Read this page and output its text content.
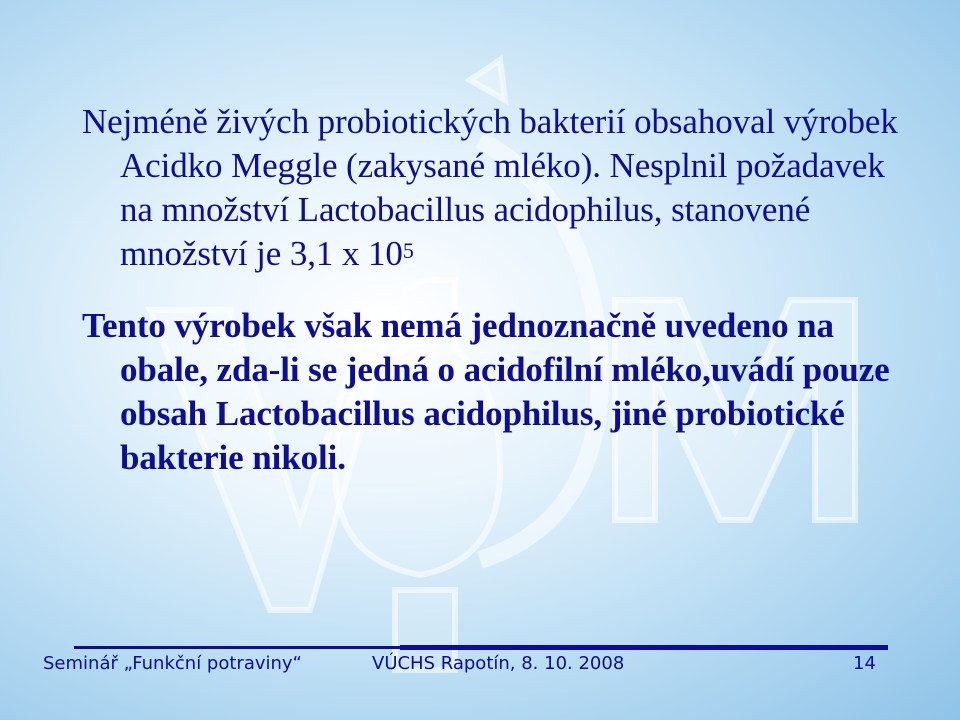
Nejméně živých probiotických bakterií obsahoval výrobek Acidko Meggle (zakysané mléko). Nesplnil požadavek na množství Lactobacillus acidophilus, stanovené množství je 3,1 x $10^5$

Tento výrobek však nemá jednoznačně uvedeno na obale, zda-li se jedná o acidofilní mléko,uvádí pouze obsah Lactobacillus acidophilus, jiné probiotické bakterie nikoli.

Seminář „Funkční potraviny“	VÚCHS Rapotín, 8. 10. 2008	14
